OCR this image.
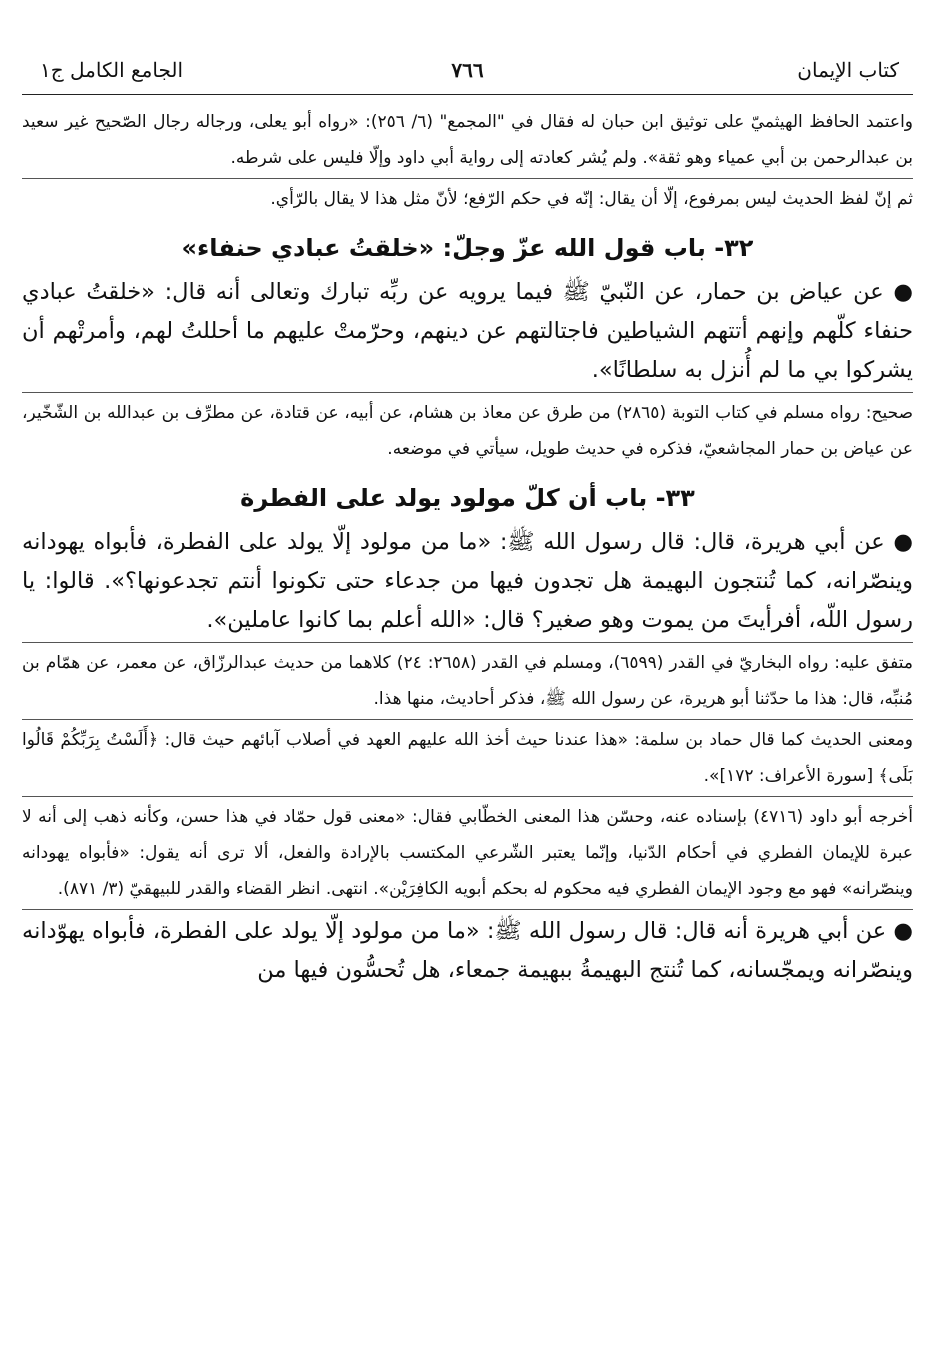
كتاب الإيمان
٧٦٦
الجامع الكامل ج١

واعتمد الحافظ الهيثميّ على توثيق ابن حبان له فقال في "المجمع" (٦/ ٢٥٦): «رواه أبو يعلى، ورجاله رجال الصّحيح غير سعيد بن عبدالرحمن بن أبي عمياء وهو ثقة». ولم يُشر كعادته إلى رواية أبي داود وإلّا فليس على شرطه.

ثم إنّ لفظ الحديث ليس بمرفوع، إلّا أن يقال: إنّه في حكم الرّفع؛ لأنّ مثل هذا لا يقال بالرّأي.

٣٢- باب قول الله عزّ وجلّ: «خلقتُ عبادي حنفاء»

● عن عياض بن حمار، عن النّبيّ ﷺ فيما يرويه عن ربِّه تبارك وتعالى أنه قال: «خلقتُ عبادي حنفاء كلّهم وإنهم أتتهم الشياطين فاجتالتهم عن دينهم، وحرّمتْ عليهم ما أحللتُ لهم، وأمرتْهم أن يشركوا بي ما لم أُنزل به سلطانًا».

صحيح: رواه مسلم في كتاب التوبة (٢٨٦٥) من طرق عن معاذ بن هشام، عن أبيه، عن قتادة، عن مطرِّف بن عبدالله بن الشّخّير، عن عياض بن حمار المجاشعيّ، فذكره في حديث طويل، سيأتي في موضعه.

٣٣- باب أن كلّ مولود يولد على الفطرة

● عن أبي هريرة، قال: قال رسول الله ﷺ: «ما من مولود إلّا يولد على الفطرة، فأبواه يهودانه وينصّرانه، كما تُنتجون البهيمة هل تجدون فيها من جدعاء حتى تكونوا أنتم تجدعونها؟». قالوا: يا رسول اللّه، أفرأيتَ من يموت وهو صغير؟ قال: «الله أعلم بما كانوا عاملين».

متفق عليه: رواه البخاريّ في القدر (٦٥٩٩)، ومسلم في القدر (٢٦٥٨: ٢٤) كلاهما من حديث عبدالرزّاق، عن معمر، عن همّام بن مُنبِّه، قال: هذا ما حدّثنا أبو هريرة، عن رسول الله ﷺ، فذكر أحاديث، منها هذا.

ومعنى الحديث كما قال حماد بن سلمة: «هذا عندنا حيث أخذ الله عليهم العهد في أصلاب آبائهم حيث قال: ﴿أَلَسْتُ بِرَبِّكُمْ قَالُوا بَلَى﴾ [سورة الأعراف: ١٧٢]».

أخرجه أبو داود (٤٧١٦) بإسناده عنه، وحسّن هذا المعنى الخطّابي فقال: «معنى قول حمّاد في هذا حسن، وكأنه ذهب إلى أنه لا عبرة للإيمان الفطري في أحكام الدّنيا، وإنّما يعتبر الشّرعي المكتسب بالإرادة والفعل، ألا ترى أنه يقول: «فأبواه يهودانه وينصّرانه» فهو مع وجود الإيمان الفطري فيه محكوم له بحكم أبويه الكافِرَيْن». انتهى. انظر القضاء والقدر للبيهقيّ (٣/ ٨٧١).

● عن أبي هريرة أنه قال: قال رسول الله ﷺ: «ما من مولود إلّا يولد على الفطرة، فأبواه يهوّدانه وينصّرانه ويمجّسانه، كما تُنتج البهيمةُ ببهيمة جمعاء، هل تُحسُّون فيها من
